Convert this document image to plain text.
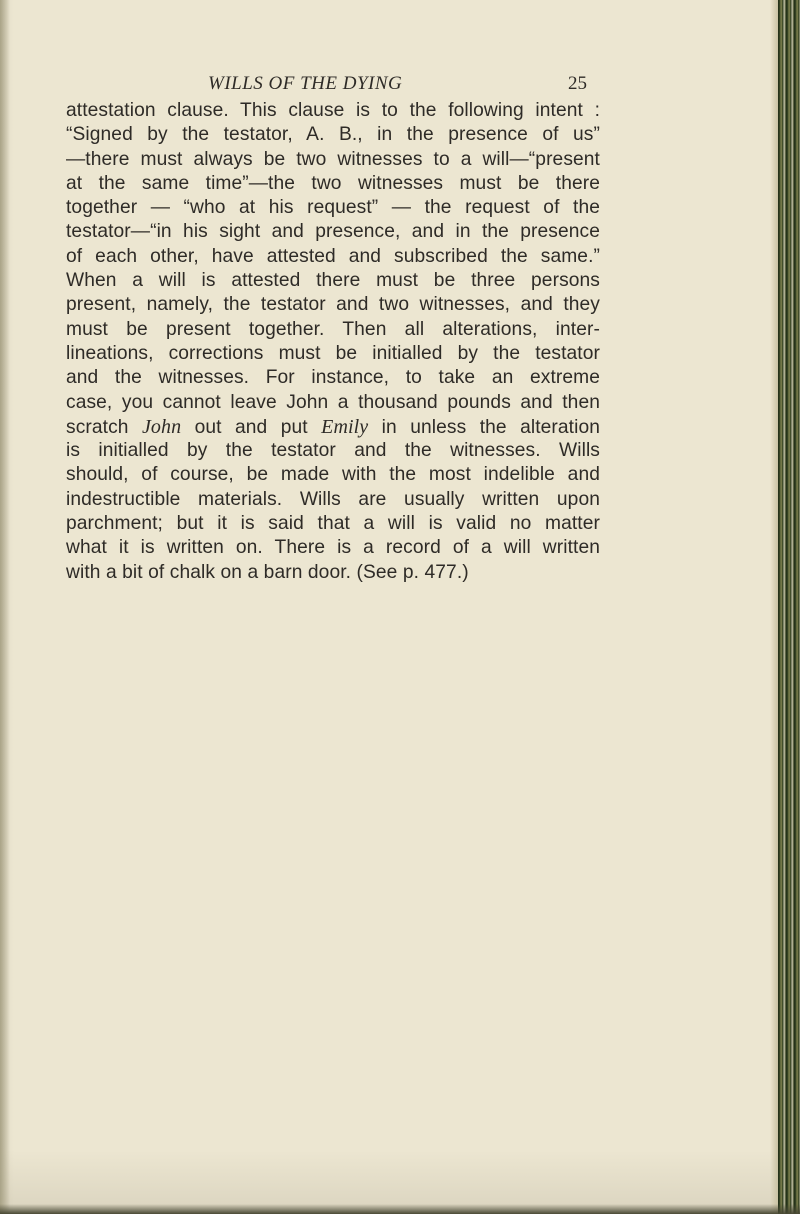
WILLS OF THE DYING	25
attestation clause. This clause is to the following intent :
“Signed by the testator, A. B., in the presence of us”
—there must always be two witnesses to a will—“present
at the same time”—the two witnesses must be there
together — “who at his request” — the request of the
testator—“in his sight and presence, and in the presence
of each other, have attested and subscribed the same.”
When a will is attested there must be three persons
present, namely, the testator and two witnesses, and they
must be present together. Then all alterations, inter-
lineations, corrections must be initialled by the testator
and the witnesses. For instance, to take an extreme
case, you cannot leave John a thousand pounds and then
scratch John out and put Emily in unless the alteration
is initialled by the testator and the witnesses. Wills
should, of course, be made with the most indelible and
indestructible materials. Wills are usually written upon
parchment; but it is said that a will is valid no matter
what it is written on. There is a record of a will written
with a bit of chalk on a barn door. (See p. 477.)
